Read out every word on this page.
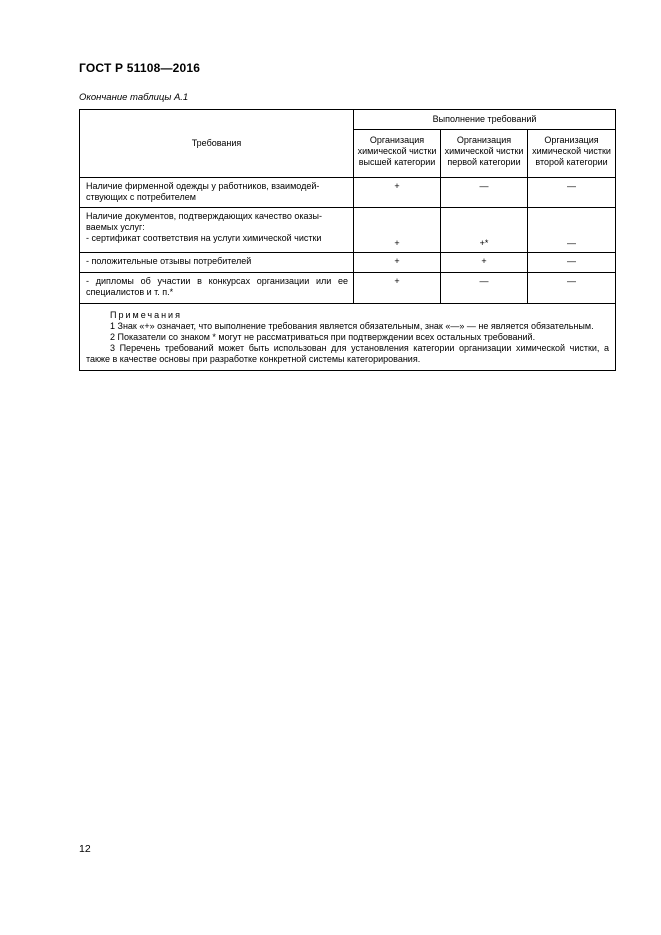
ГОСТ Р 51108—2016
Окончание таблицы А.1
Требования	Выполнение требований		
	Организация химической чистки высшей категории	Организация химической чистки первой категории	Организация химической чистки второй категории
Наличие фирменной одежды у работников, взаимодей-ствующих с потребителем	+	—	—

Наличие документов, подтверждающих качество оказы-ваемых услуг:
- сертификат соответствия на услуги химической чистки	+	+*	—
- положительные отзывы потребителей	+	+	—
- дипломы об участии в конкурсах организации или ее специалистов и т. п.*	+	—	—

Примечания

1 Знак «+» означает, что выполнение требования является обязательным, знак «—» — не является обязательным.

2 Показатели со знаком * могут не рассматриваться при подтверждении всех остальных требований.

3 Перечень требований может быть использован для установления категории организации химической чистки, а также в качестве основы при разработке конкретной системы категорирования.			

12
